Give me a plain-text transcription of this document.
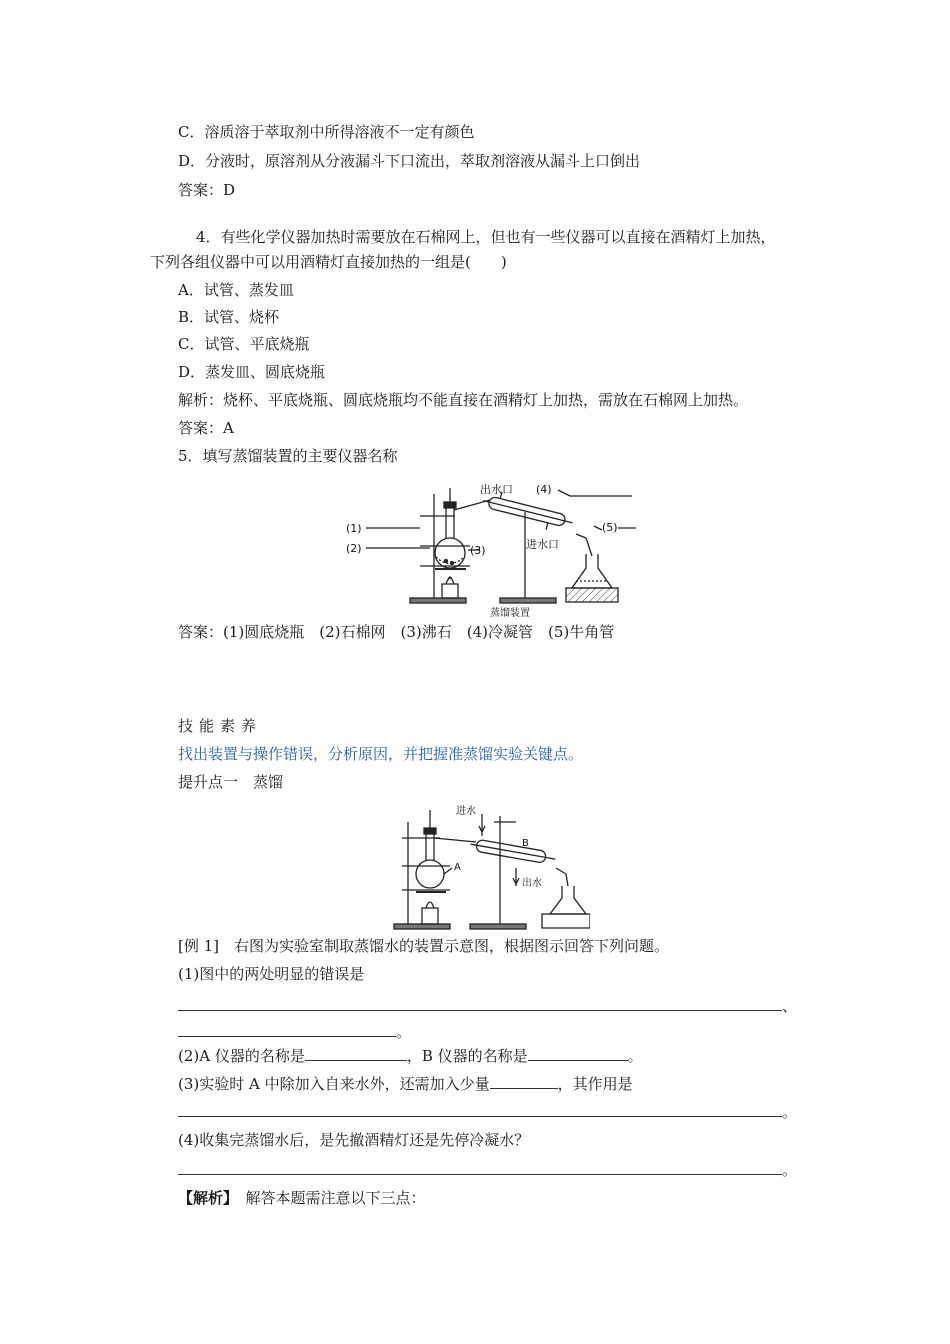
C．溶质溶于萃取剂中所得溶液不一定有颜色
D．分液时，原溶剂从分液漏斗下口流出，萃取剂溶液从漏斗上口倒出
答案：D
4．有些化学仪器加热时需要放在石棉网上，但也有一些仪器可以直接在酒精灯上加热，
下列各组仪器中可以用酒精灯直接加热的一组是(　　)
A．试管、蒸发皿
B．试管、烧杯
C．试管、平底烧瓶
D．蒸发皿、圆底烧瓶
解析：烧杯、平底烧瓶、圆底烧瓶均不能直接在酒精灯上加热，需放在石棉网上加热。
答案：A
5．填写蒸馏装置的主要仪器名称
出水口
进水口
(4)
(5)
(1)
(2)	(3)
蒸馏装置
答案：(1)圆底烧瓶　(2)石棉网　(3)沸石　(4)冷凝管　(5)牛角管
技能素养
找出装置与操作错误，分析原因，并把握准蒸馏实验关键点。
提升点一　蒸馏
进水
出水
A
B
[例 1]　右图为实验室制取蒸馏水的装置示意图，根据图示回答下列问题。
(1)图中的两处明显的错误是
、
。
(2)A 仪器的名称是	，B 仪器的名称是	。
(3)实验时 A 中除加入自来水外，还需加入少量	，其作用是
。
(4)收集完蒸馏水后，是先撤酒精灯还是先停冷凝水？
。
【解析】　解答本题需注意以下三点：
